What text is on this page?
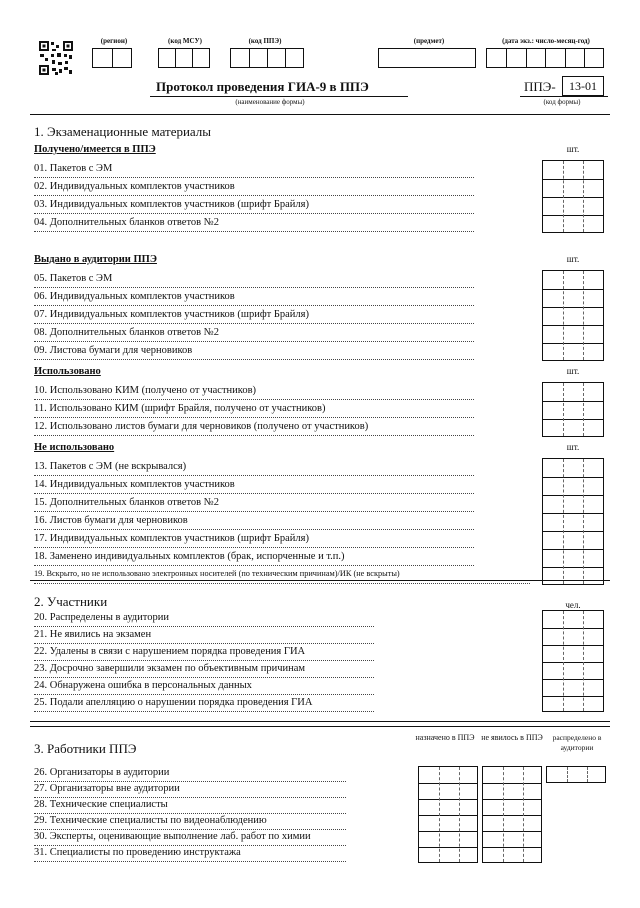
(регион)	(код МСУ)	(код ППЭ)	(предмет)	(дата экз.: число-месяц-год)
Протокол проведения ГИА-9 в ППЭ
(наименование формы)
ППЭ-	13-01
(код формы)
1. Экзаменационные материалы
Получено/имеется в ППЭ	шт.
01. Пакетов с ЭМ
02. Индивидуальных комплектов участников
03. Индивидуальных комплектов участников (шрифт Брайля)
04. Дополнительных бланков ответов №2
Выдано в аудитории ППЭ	шт.
05. Пакетов с ЭМ
06. Индивидуальных комплектов участников
07. Индивидуальных комплектов участников (шрифт Брайля)
08. Дополнительных бланков ответов №2
09. Листова бумаги для черновиков
Использовано	шт.
10. Использовано КИМ (получено от участников)
11. Использовано КИМ (шрифт Брайля, получено от участников)
12. Использовано листов бумаги для черновиков (получено от участников)
Не использовано	шт.
13. Пакетов с ЭМ (не вскрывался)
14. Индивидуальных комплектов участников
15. Дополнительных бланков ответов №2
16. Листов бумаги для черновиков
17. Индивидуальных комплектов участников (шрифт Брайля)
18. Заменено индивидуальных комплектов (брак, испорченные и т.п.)
19. Вскрыто, но не использовано электронных носителей (по техническим причинам)/ИК (не вскрыты)
2. Участники	чел.
20. Распределены в аудитории
21. Не явились на экзамен
22. Удалены в связи с нарушением порядка проведения ГИА
23. Досрочно завершили экзамен по объективным причинам
24. Обнаружена ошибка в персональных данных
25. Подали апелляцию о нарушении порядка проведения ГИА
3. Работники ППЭ
назначено в ППЭ не явилось в ППЭ	распределено в аудитории
26. Организаторы в аудитории
27. Организаторы вне аудитории
28. Технические специалисты
29. Технические специалисты по видеонаблюдению
30. Эксперты, оценивающие выполнение лаб. работ по химии
31. Специалисты по проведению инструктажа
